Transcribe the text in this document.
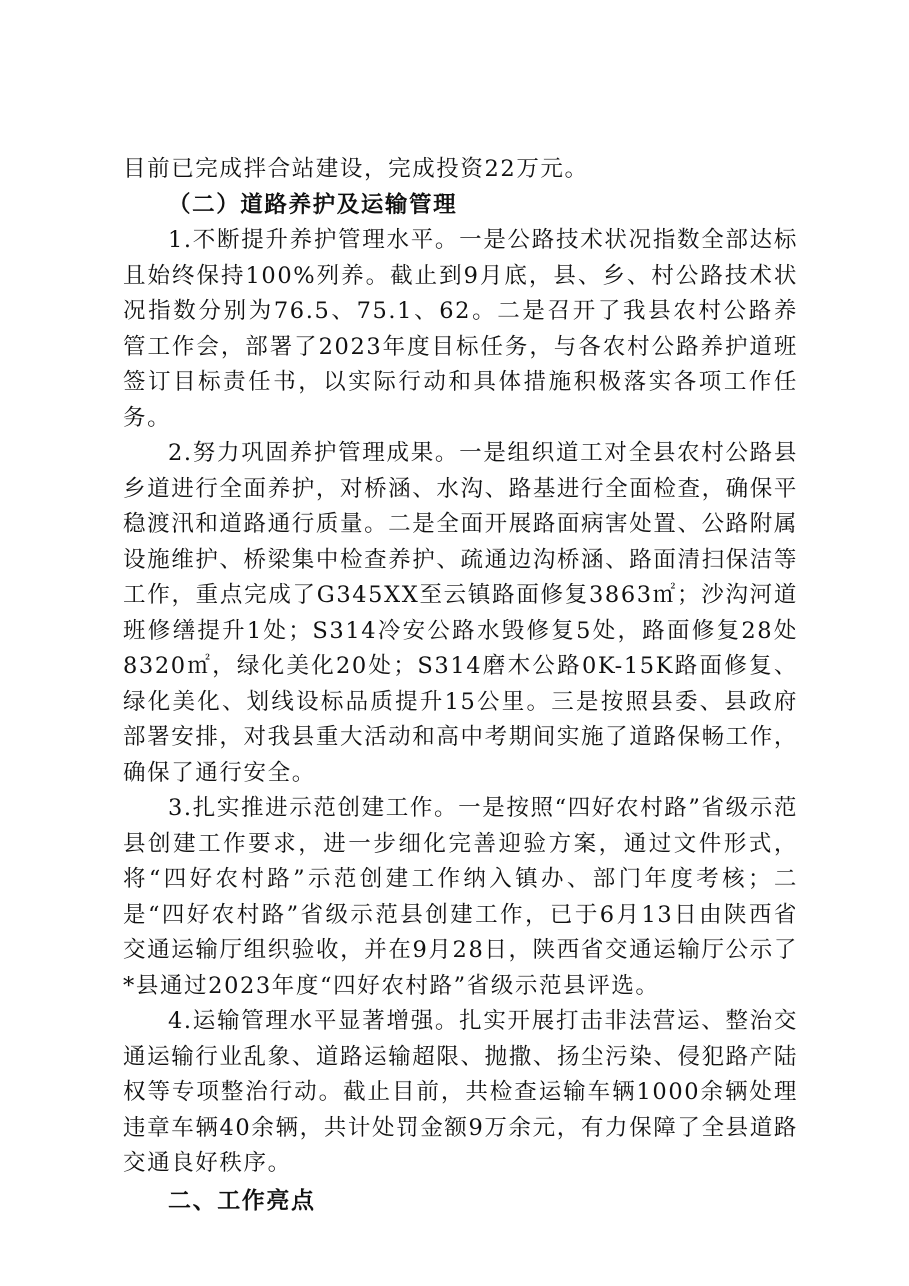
目前已完成拌合站建设，完成投资22万元。

（二）道路养护及运输管理

1.不断提升养护管理水平。一是公路技术状况指数全部达标且始终保持100%列养。截止到9月底，县、乡、村公路技术状况指数分别为76.5、75.1、62。二是召开了我县农村公路养管工作会，部署了2023年度目标任务，与各农村公路养护道班签订目标责任书，以实际行动和具体措施积极落实各项工作任务。

2.努力巩固养护管理成果。一是组织道工对全县农村公路县乡道进行全面养护，对桥涵、水沟、路基进行全面检查，确保平稳渡汛和道路通行质量。二是全面开展路面病害处置、公路附属设施维护、桥梁集中检查养护、疏通边沟桥涵、路面清扫保洁等工作，重点完成了G345XX至云镇路面修复3863㎡；沙沟河道班修缮提升1处；S314冷安公路水毁修复5处，路面修复28处8320㎡，绿化美化20处；S314磨木公路0K-15K路面修复、绿化美化、划线设标品质提升15公里。三是按照县委、县政府部署安排，对我县重大活动和高中考期间实施了道路保畅工作，确保了通行安全。

3.扎实推进示范创建工作。一是按照“四好农村路”省级示范县创建工作要求，进一步细化完善迎验方案，通过文件形式，将“四好农村路”示范创建工作纳入镇办、部门年度考核；二是“四好农村路”省级示范县创建工作，已于6月13日由陕西省交通运输厅组织验收，并在9月28日，陕西省交通运输厅公示了*县通过2023年度“四好农村路”省级示范县评选。

4.运输管理水平显著增强。扎实开展打击非法营运、整治交通运输行业乱象、道路运输超限、抛撒、扬尘污染、侵犯路产陆权等专项整治行动。截止目前，共检查运输车辆1000余辆处理违章车辆40余辆，共计处罚金额9万余元，有力保障了全县道路交通良好秩序。

二、工作亮点
